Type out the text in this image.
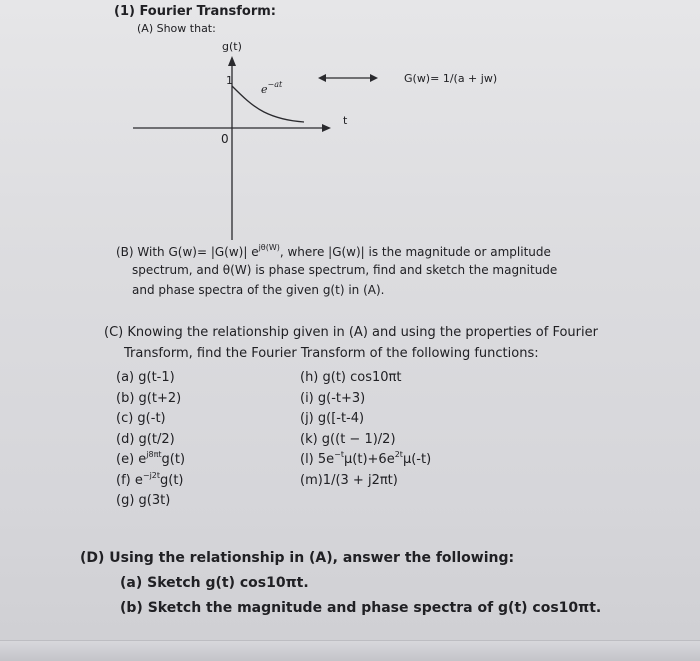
(1) Fourier Transform:
(A) Show that:
g(t)
t
0
1
$e^{-at}$	G(w)= 1/(a + jw)
(B) With G(w)= |G(w)| $e^{j\theta(W)}$, where |G(w)| is the magnitude or amplitude
spectrum, and θ(W) is phase spectrum, find and sketch the magnitude
and phase spectra of the given g(t) in (A).
(C) Knowing the relationship given in (A) and using the properties of Fourier
Transform, find the Fourier Transform of the following functions:
(a) g(t-1)
(b) g(t+2)
(c) g(-t)
(d) g(t/2)
(e) $e^{j8\pi t}g(t)$
(f) $e^{-j2t}g(t)$
(g) g(3t)
(h) g(t) cos10πt
(i) g(-t+3)
(j) g([-t-4)
(k) g((t − 1)/2)
(l) $5e^{-t}\mu(t)+6e^{2t}\mu(-t)$
(m)1/(3 + j2πt)
(D) Using the relationship in (A), answer the following:
(a) Sketch g(t) cos10πt.
(b) Sketch the magnitude and phase spectra of g(t) cos10πt.
